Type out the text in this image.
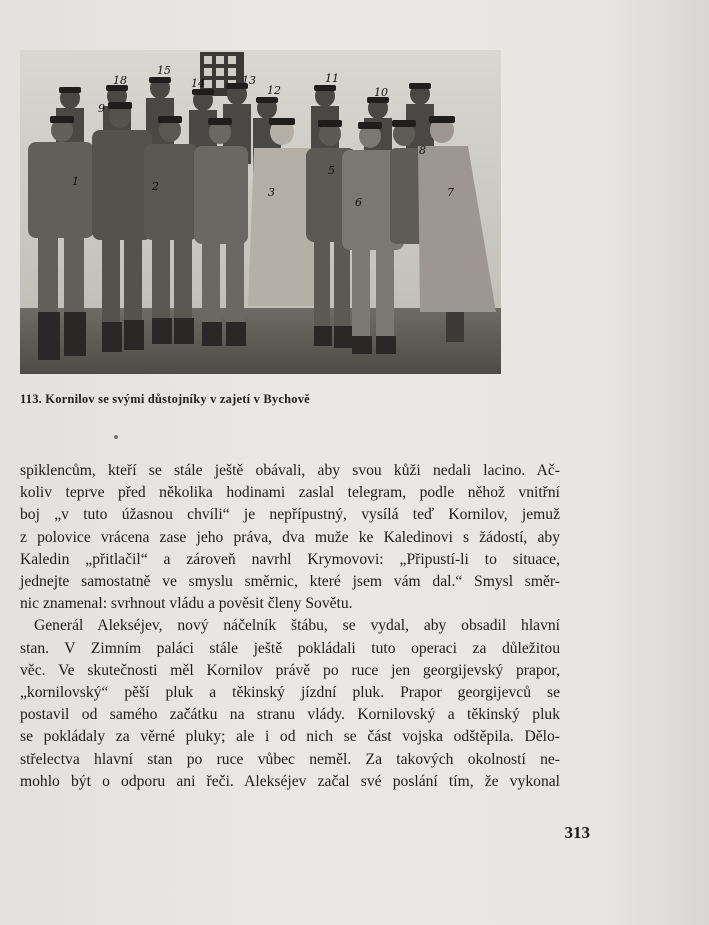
15
18	14	13
12
11
10
1	2	3
5
6
7
8
9
113. Kornilov se svými důstojníky v zajetí v Bychově
spiklencům, kteří se stále ještě obávali, aby svou kůži nedali lacino. Ač-
koliv teprve před několika hodinami zaslal telegram, podle něhož vnitřní
boj „v tuto úžasnou chvíli“ je nepřípustný, vysílá teď Kornilov, jemuž
z polovice vrácena zase jeho práva, dva muže ke Kaledinovi s žádostí, aby
Kaledin „přitlačil“ a zároveň navrhl Krymovovi: „Připustí-li to situace,
jednejte samostatně ve smyslu směrnic, které jsem vám dal.“ Smysl směr-
nic znamenal: svrhnout vládu a pověsit členy Sovětu.
Generál Alekséjev, nový náčelník štábu, se vydal, aby obsadil hlavní
stan. V Zimním paláci stále ještě pokládali tuto operaci za důležitou
věc. Ve skutečnosti měl Kornilov právě po ruce jen georgijevský prapor,
„kornilovský“ pěší pluk a těkinský jízdní pluk. Prapor georgijevců se
postavil od samého začátku na stranu vlády. Kornilovský a těkinský pluk
se pokládaly za věrné pluky; ale i od nich se část vojska odštěpila. Dělo-
střelectva hlavní stan po ruce vůbec neměl. Za takových okolností ne-
mohlo být o odporu ani řeči. Alekséjev začal své poslání tím, že vykonal
313
